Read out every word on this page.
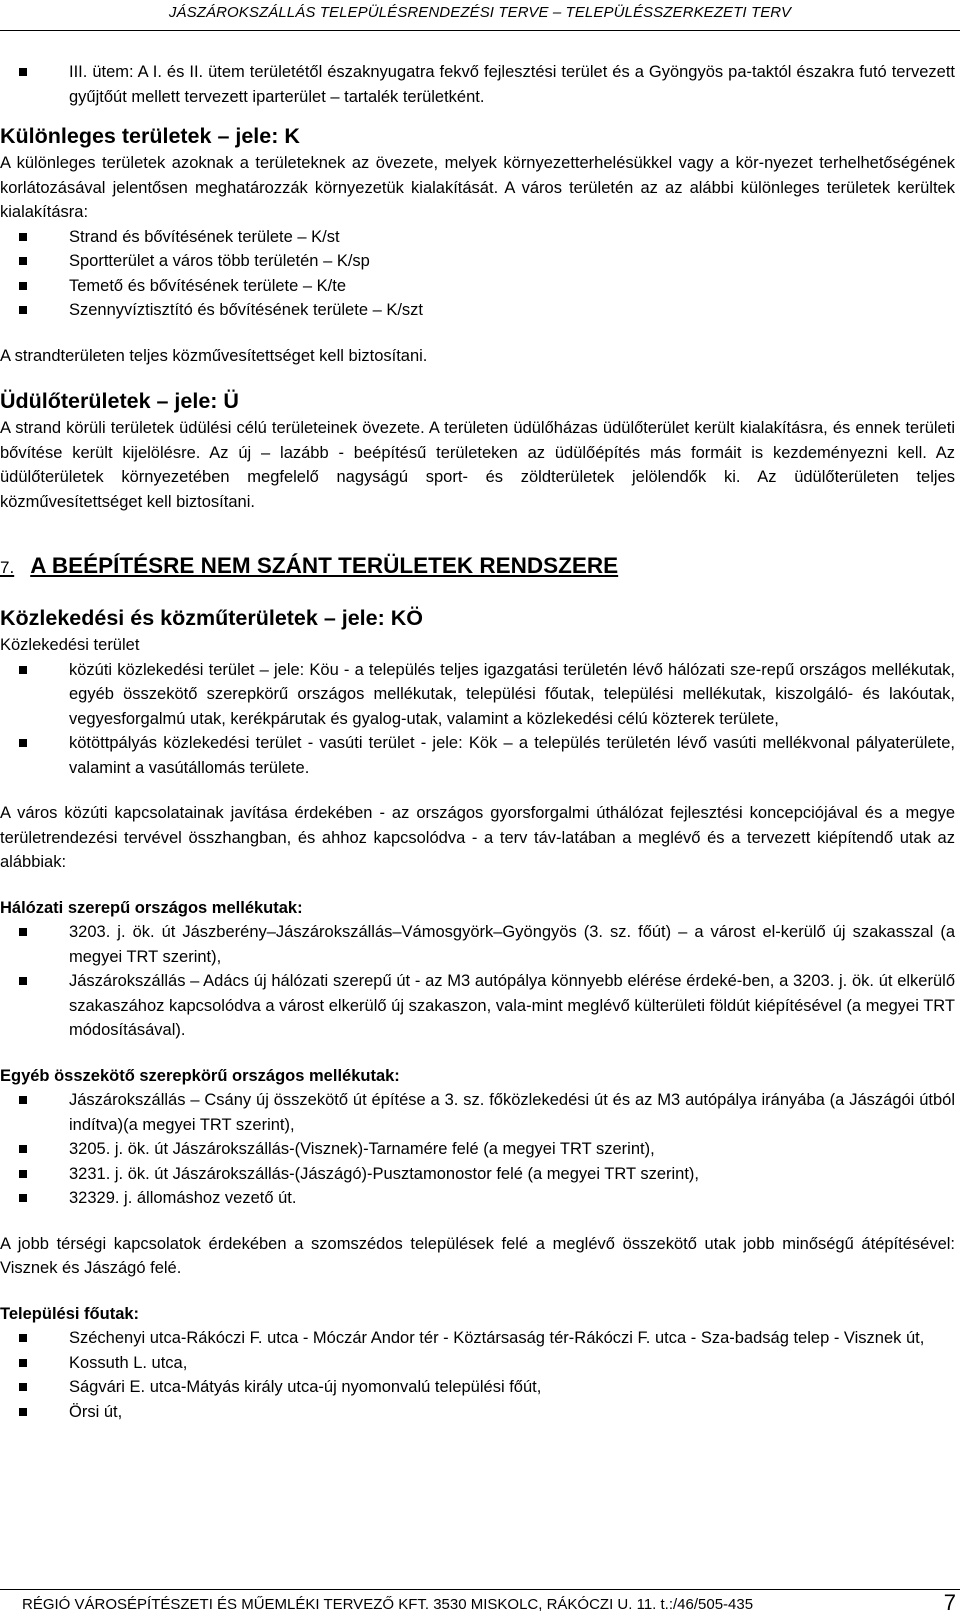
JÁSZÁROKSZÁLLÁS TELEPÜLÉSRENDEZÉSI TERVE – TELEPÜLÉSSZERKEZETI TERV
III. ütem: A I. és II. ütem területétől északnyugatra fekvő fejlesztési terület és a Gyöngyös pa-taktól északra futó tervezett gyűjtőút mellett tervezett iparterület – tartalék területként.
Különleges területek – jele: K

A különleges területek azoknak a területeknek az övezete, melyek környezetterhelésükkel vagy a kör-nyezet terhelhetőségének korlátozásával jelentősen meghatározzák környezetük kialakítását. A város területén az az alábbi különleges területek kerültek kialakításra:

Strand és bővítésének területe – K/st
Sportterület a város több területén – K/sp
Temető és bővítésének területe – K/te
Szennyvíztisztító és bővítésének területe – K/szt

A strandterületen teljes közművesítettséget kell biztosítani.

Üdülőterületek – jele: Ü

A strand körüli területek üdülési célú területeinek övezete. A területen üdülőházas üdülőterület került kialakításra, és ennek területi bővítése került kijelölésre. Az új – lazább - beépítésű területeken az üdülőépítés más formáit is kezdeményezni kell. Az üdülőterületek környezetében megfelelő nagyságú sport- és zöldterületek jelölendők ki. Az üdülőterületen teljes közművesítettséget kell biztosítani.

7. A BEÉPÍTÉSRE NEM SZÁNT TERÜLETEK RENDSZERE
Közlekedési és közműterületek – jele: KÖ

Közlekedési terület

közúti közlekedési terület – jele: Köu - a település teljes igazgatási területén lévő hálózati sze-repű országos mellékutak, egyéb összekötő szerepkörű országos mellékutak, települési főutak, települési mellékutak, kiszolgáló- és lakóutak, vegyesforgalmú utak, kerékpárutak és gyalog-utak, valamint a közlekedési célú közterek területe,
kötöttpályás közlekedési terület - vasúti terület - jele: Kök – a település területén lévő vasúti mellékvonal pályaterülete, valamint a vasútállomás területe.

A város közúti kapcsolatainak javítása érdekében - az országos gyorsforgalmi úthálózat fejlesztési koncepciójával és a megye területrendezési tervével összhangban, és ahhoz kapcsolódva - a terv táv-latában a meglévő és a tervezett kiépítendő utak az alábbiak:

Hálózati szerepű országos mellékutak:

3203. j. ök. út Jászberény–Jászárokszállás–Vámosgyörk–Gyöngyös (3. sz. főút) – a várost el-kerülő új szakasszal (a megyei TRT szerint),
Jászárokszállás – Adács új hálózati szerepű út - az M3 autópálya könnyebb elérése érdeké-ben, a 3203. j. ök. út elkerülő szakaszához kapcsolódva a várost elkerülő új szakaszon, vala-mint meglévő külterületi földút kiépítésével (a megyei TRT módosításával).

Egyéb összekötő szerepkörű országos mellékutak:

Jászárokszállás – Csány új összekötő út építése a 3. sz. főközlekedési út és az M3 autópálya irányába (a Jászágói útból indítva)(a megyei TRT szerint),
3205. j. ök. út Jászárokszállás-(Visznek)-Tarnamére felé (a megyei TRT szerint),
3231. j. ök. út Jászárokszállás-(Jászágó)-Pusztamonostor felé (a megyei TRT szerint),
32329. j. állomáshoz vezető út.

A jobb térségi kapcsolatok érdekében a szomszédos települések felé a meglévő összekötő utak jobb minőségű átépítésével: Visznek és Jászágó felé.

Települési főutak:

Széchenyi utca-Rákóczi F. utca - Móczár Andor tér - Köztársaság tér-Rákóczi F. utca - Sza-badság telep - Visznek út,
Kossuth L. utca,
Ságvári E. utca-Mátyás király utca-új nyomonvalú települési főút,
Örsi út,
RÉGIÓ VÁROSÉPÍTÉSZETI ÉS MŰEMLÉKI TERVEZŐ KFT. 3530 MISKOLC, RÁKÓCZI U. 11. t.:/46/505-435	7
